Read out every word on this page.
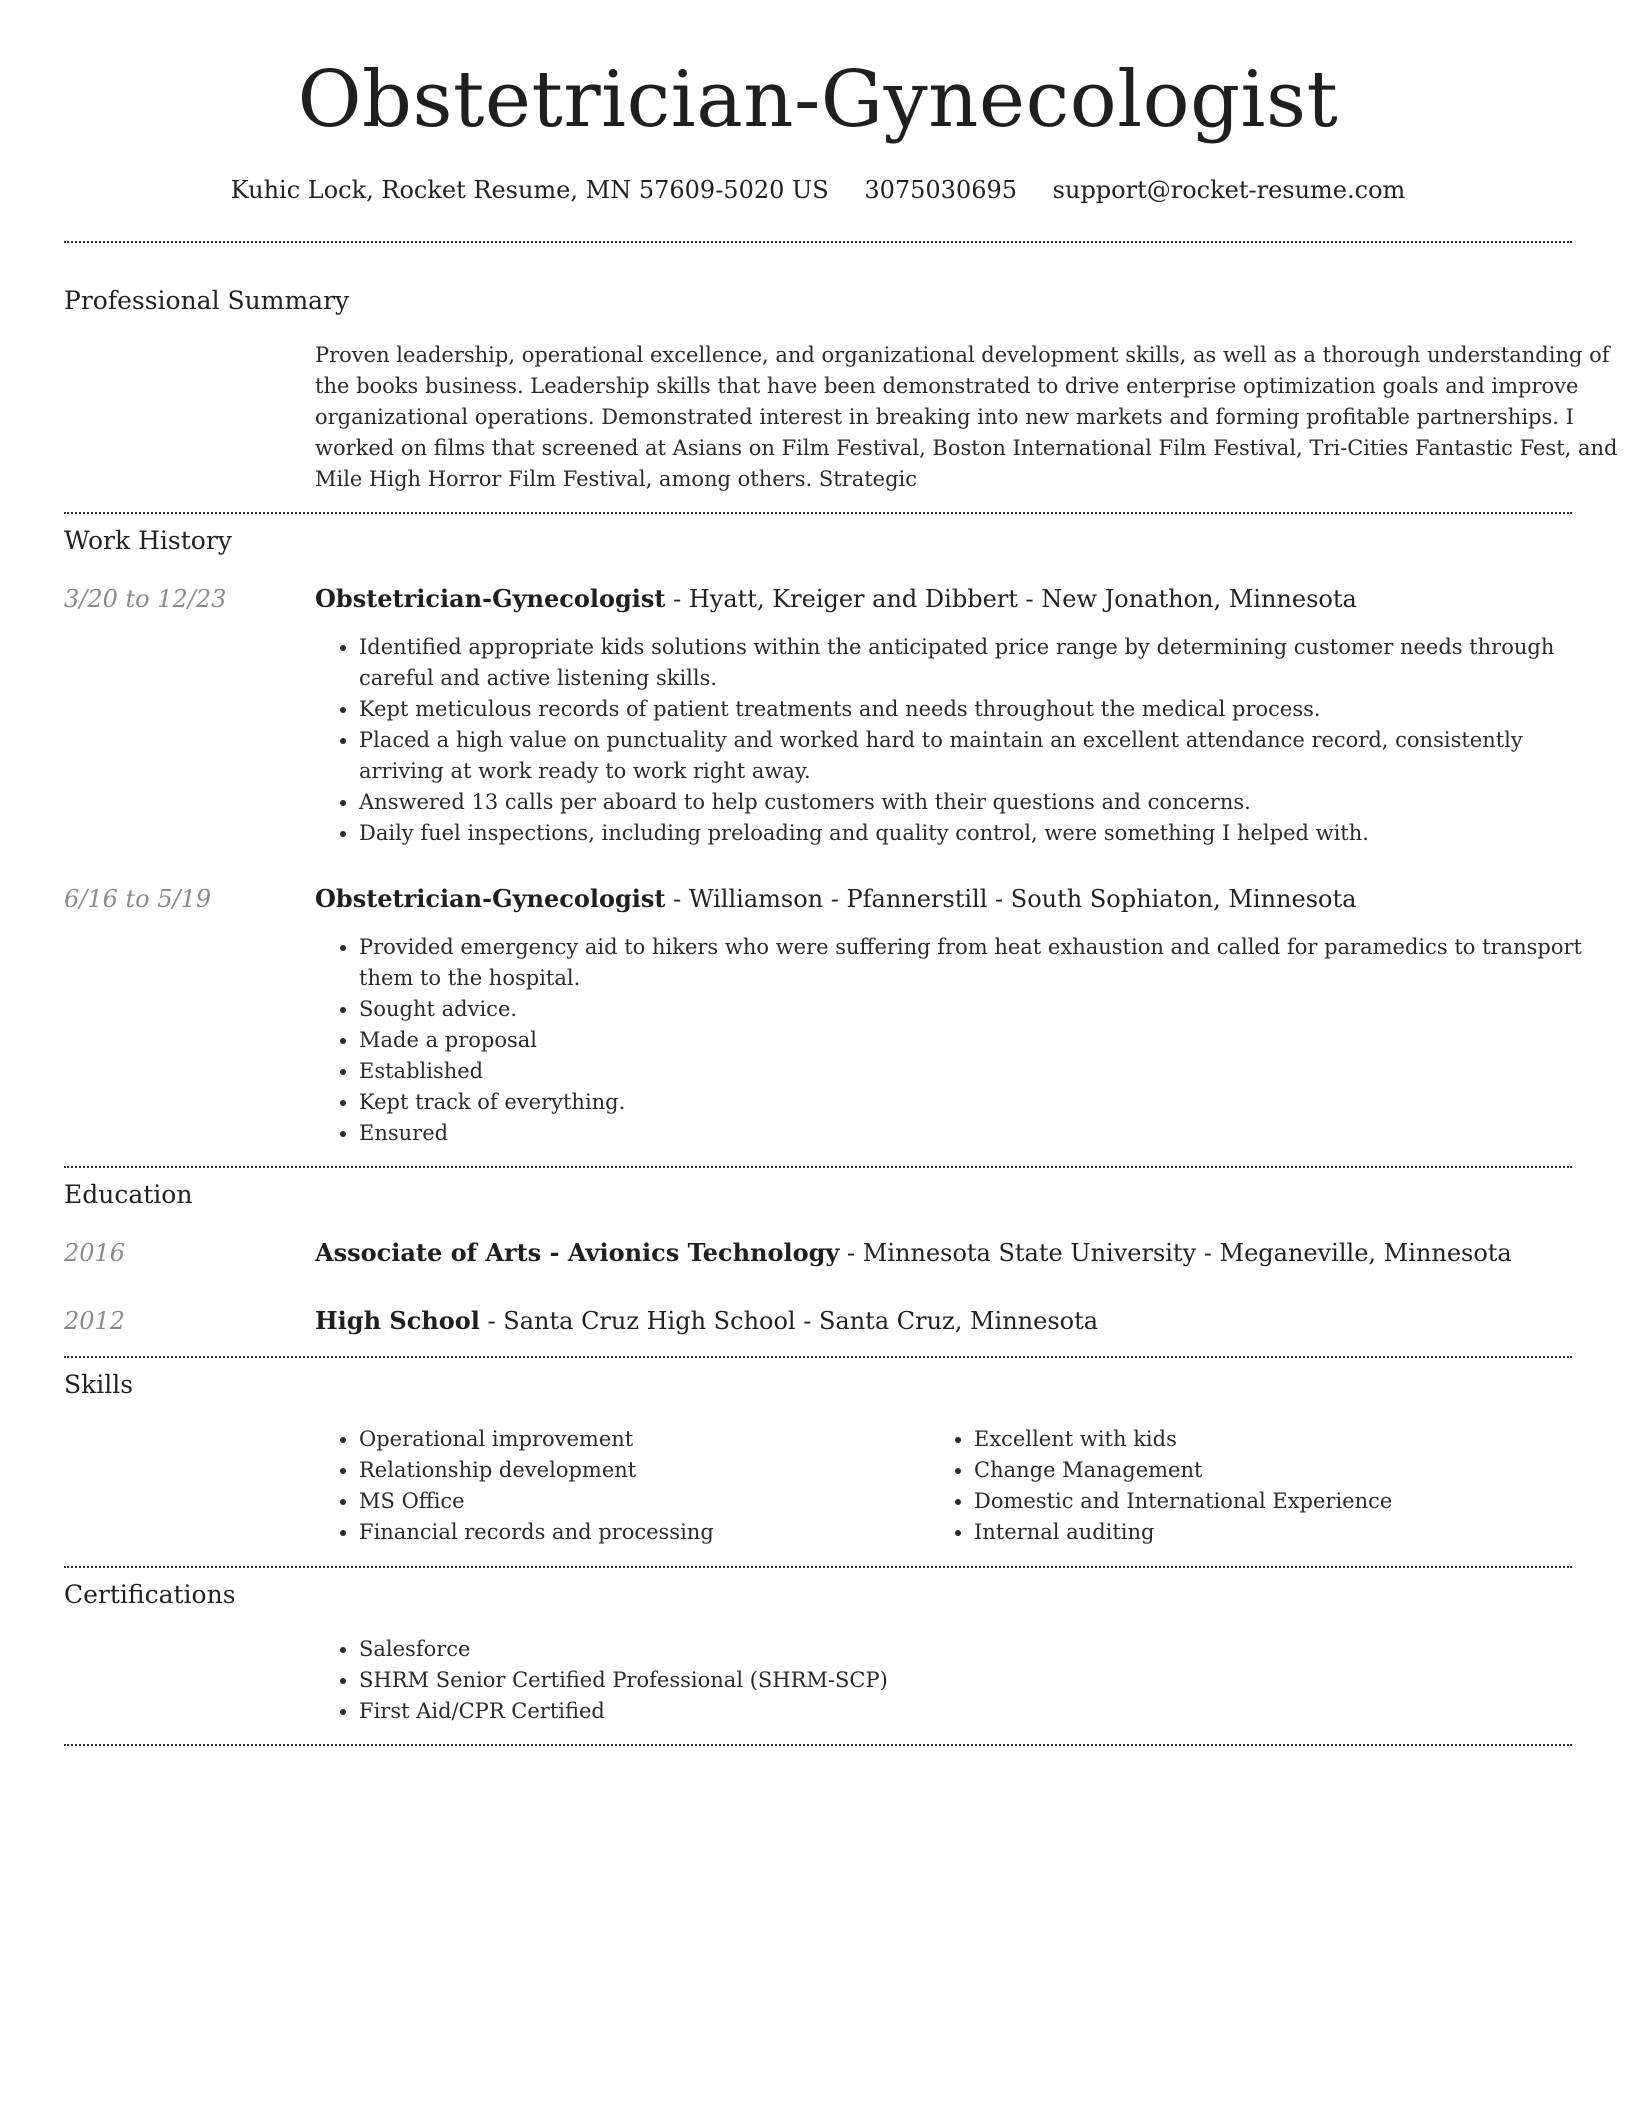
Obstetrician-Gynecologist
Kuhic Lock, Rocket Resume, MN 57609-5020 US 3075030695 support@rocket-resume.com
Professional Summary

Proven leadership, operational excellence, and organizational development skills, as well as a thorough understanding of the books business. Leadership skills that have been demonstrated to drive enterprise optimization goals and improve organizational operations. Demonstrated interest in breaking into new markets and forming profitable partnerships. I worked on films that screened at Asians on Film Festival, Boston International Film Festival, Tri-Cities Fantastic Fest, and Mile High Horror Film Festival, among others. Strategic

Work History
3/20 to 12/23	Obstetrician-Gynecologist - Hyatt, Kreiger and Dibbert - New Jonathon, Minnesota
• Identified appropriate kids solutions within the anticipated price range by determining customer needs through careful and active listening skills.
• Kept meticulous records of patient treatments and needs throughout the medical process.
• Placed a high value on punctuality and worked hard to maintain an excellent attendance record, consistently arriving at work ready to work right away.
• Answered 13 calls per aboard to help customers with their questions and concerns.
• Daily fuel inspections, including preloading and quality control, were something I helped with.
6/16 to 5/19	Obstetrician-Gynecologist - Williamson - Pfannerstill - South Sophiaton, Minnesota
• Provided emergency aid to hikers who were suffering from heat exhaustion and called for paramedics to transport them to the hospital.
• Sought advice.
• Made a proposal
• Established
• Kept track of everything.
• Ensured
Education
2016	Associate of Arts - Avionics Technology - Minnesota State University - Meganeville, Minnesota
2012	High School - Santa Cruz High School - Santa Cruz, Minnesota
Skills
• Operational improvement
• Relationship development
• MS Office
• Financial records and processing
• Excellent with kids
• Change Management
• Domestic and International Experience
• Internal auditing
Certifications
• Salesforce
• SHRM Senior Certified Professional (SHRM-SCP)
• First Aid/CPR Certified
